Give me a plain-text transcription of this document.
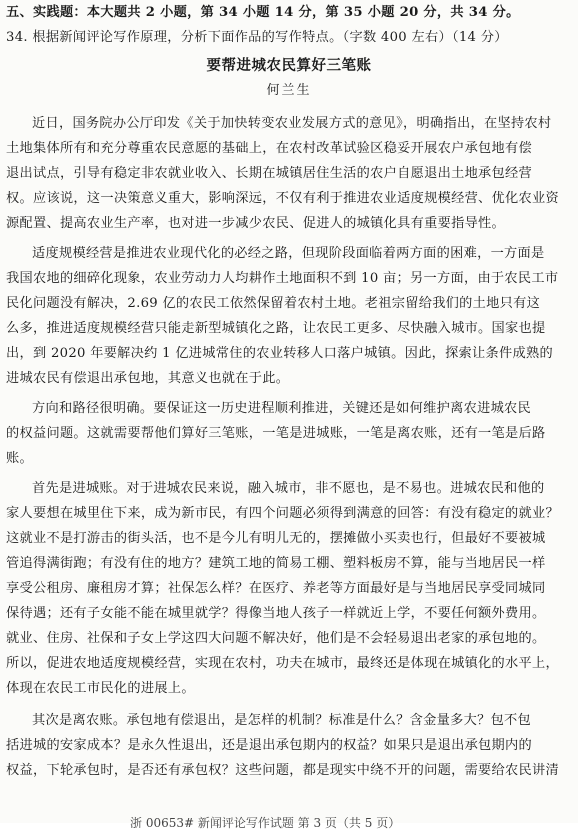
五、实践题：本大题共 2 小题，第 34 小题 14 分，第 35 小题 20 分，共 34 分。
34. 根据新闻评论写作原理，分析下面作品的写作特点。（字数 400 左右）（14 分）
要帮进城农民算好三笔账
何兰生
近日，国务院办公厅印发《关于加快转变农业发展方式的意见》，明确指出，在坚持农村
土地集体所有和充分尊重农民意愿的基础上，在农村改革试验区稳妥开展农户承包地有偿
退出试点，引导有稳定非农就业收入、长期在城镇居住生活的农户自愿退出土地承包经营
权。应该说，这一决策意义重大，影响深远，不仅有利于推进农业适度规模经营、优化农业资
源配置、提高农业生产率，也对进一步减少农民、促进人的城镇化具有重要指导性。
适度规模经营是推进农业现代化的必经之路，但现阶段面临着两方面的困难，一方面是
我国农地的细碎化现象，农业劳动力人均耕作土地面积不到 10 亩；另一方面，由于农民工市
民化问题没有解决，2.69 亿的农民工依然保留着农村土地。老祖宗留给我们的土地只有这
么多，推进适度规模经营只能走新型城镇化之路，让农民工更多、尽快融入城市。国家也提
出，到 2020 年要解决约 1 亿进城常住的农业转移人口落户城镇。因此，探索让条件成熟的
进城农民有偿退出承包地，其意义也就在于此。
方向和路径很明确。要保证这一历史进程顺利推进，关键还是如何维护离农进城农民
的权益问题。这就需要帮他们算好三笔账，一笔是进城账，一笔是离农账，还有一笔是后路
账。
首先是进城账。对于进城农民来说，融入城市，非不愿也，是不易也。进城农民和他的
家人要想在城里住下来，成为新市民，有四个问题必须得到满意的回答：有没有稳定的就业？
这就业不是打游击的街头活，也不是今儿有明儿无的，摆摊做小买卖也行，但最好不要被城
管追得满街跑；有没有住的地方？建筑工地的简易工棚、塑料板房不算，能与当地居民一样
享受公租房、廉租房才算；社保怎么样？在医疗、养老等方面最好是与当地居民享受同城同
保待遇；还有子女能不能在城里就学？得像当地人孩子一样就近上学，不要任何额外费用。
就业、住房、社保和子女上学这四大问题不解决好，他们是不会轻易退出老家的承包地的。
所以，促进农地适度规模经营，实现在农村，功夫在城市，最终还是体现在城镇化的水平上，
体现在农民工市民化的进展上。
其次是离农账。承包地有偿退出，是怎样的机制？标准是什么？含金量多大？包不包
括进城的安家成本？是永久性退出，还是退出承包期内的权益？如果只是退出承包期内的
权益，下轮承包时，是否还有承包权？这些问题，都是现实中绕不开的问题，需要给农民讲清
浙 00653# 新闻评论写作试题 第 3 页（共 5 页）
